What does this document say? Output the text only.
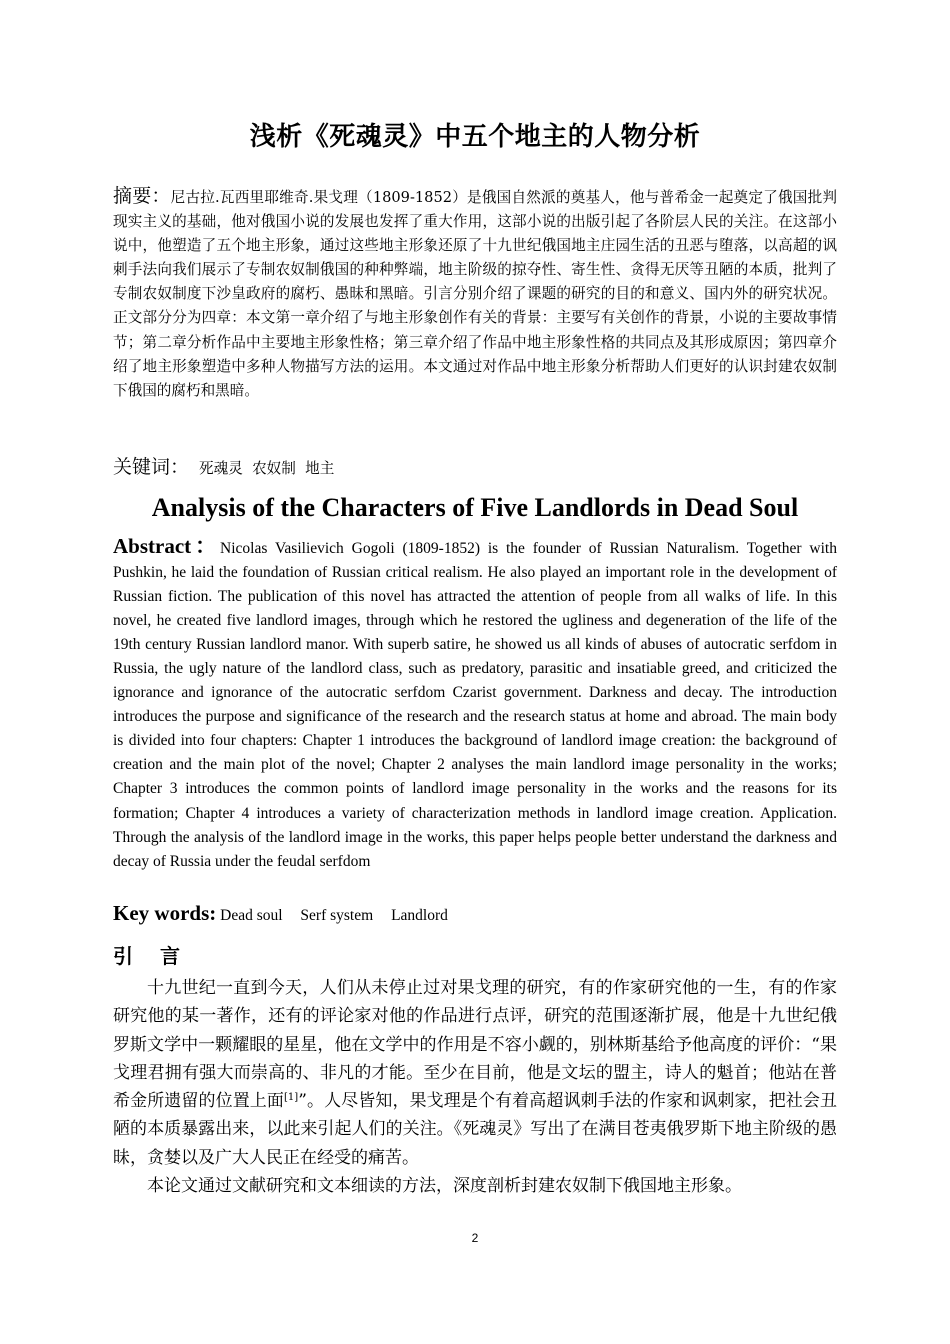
浅析《死魂灵》中五个地主的人物分析
摘要：尼古拉.瓦西里耶维奇.果戈理（1809-1852）是俄国自然派的奠基人，他与普希金一起奠定了俄国批判现实主义的基础，他对俄国小说的发展也发挥了重大作用，这部小说的出版引起了各阶层人民的关注。在这部小说中，他塑造了五个地主形象，通过这些地主形象还原了十九世纪俄国地主庄园生活的丑恶与堕落，以高超的讽刺手法向我们展示了专制农奴制俄国的种种弊端，地主阶级的掠夺性、寄生性、贪得无厌等丑陋的本质，批判了专制农奴制度下沙皇政府的腐朽、愚昧和黑暗。引言分别介绍了课题的研究的目的和意义、国内外的研究状况。正文部分分为四章：本文第一章介绍了与地主形象创作有关的背景：主要写有关创作的背景，小说的主要故事情节；第二章分析作品中主要地主形象性格；第三章介绍了作品中地主形象性格的共同点及其形成原因；第四章介绍了地主形象塑造中多种人物描写方法的运用。本文通过对作品中地主形象分析帮助人们更好的认识封建农奴制下俄国的腐朽和黑暗。
关键词： 死魂灵  农奴制  地主
Analysis of the Characters of Five Landlords in Dead Soul
Abstract：Nicolas Vasilievich Gogoli (1809-1852) is the founder of Russian Naturalism. Together with Pushkin, he laid the foundation of Russian critical realism. He also played an important role in the development of Russian fiction. The publication of this novel has attracted the attention of people from all walks of life. In this novel, he created five landlord images, through which he restored the ugliness and degeneration of the life of the 19th century Russian landlord manor. With superb satire, he showed us all kinds of abuses of autocratic serfdom in Russia, the ugly nature of the landlord class, such as predatory, parasitic and insatiable greed, and criticized the ignorance and ignorance of the autocratic serfdom Czarist government. Darkness and decay. The introduction introduces the purpose and significance of the research and the research status at home and abroad. The main body is divided into four chapters: Chapter 1 introduces the background of landlord image creation: the background of creation and the main plot of the novel; Chapter 2 analyses the main landlord image personality in the works; Chapter 3 introduces the common points of landlord image personality in the works and the reasons for its formation; Chapter 4 introduces a variety of characterization methods in landlord image creation. Application. Through the analysis of the landlord image in the works, this paper helps people better understand the darkness and decay of Russia under the feudal serfdom
Key words: Dead soul Serf system Landlord
引 言

十九世纪一直到今天，人们从未停止过对果戈理的研究，有的作家研究他的一生，有的作家研究他的某一著作，还有的评论家对他的作品进行点评，研究的范围逐渐扩展，他是十九世纪俄罗斯文学中一颗耀眼的星星，他在文学中的作用是不容小觑的，别林斯基给予他高度的评价：“果戈理君拥有强大而崇高的、非凡的才能。至少在目前，他是文坛的盟主，诗人的魁首；他站在普希金所遗留的位置上面[1]”。人尽皆知，果戈理是个有着高超讽刺手法的作家和讽刺家，把社会丑陋的本质暴露出来，以此来引起人们的关注。《死魂灵》写出了在满目苍夷俄罗斯下地主阶级的愚昧，贪婪以及广大人民正在经受的痛苦。

本论文通过文献研究和文本细读的方法，深度剖析封建农奴制下俄国地主形象。

2
